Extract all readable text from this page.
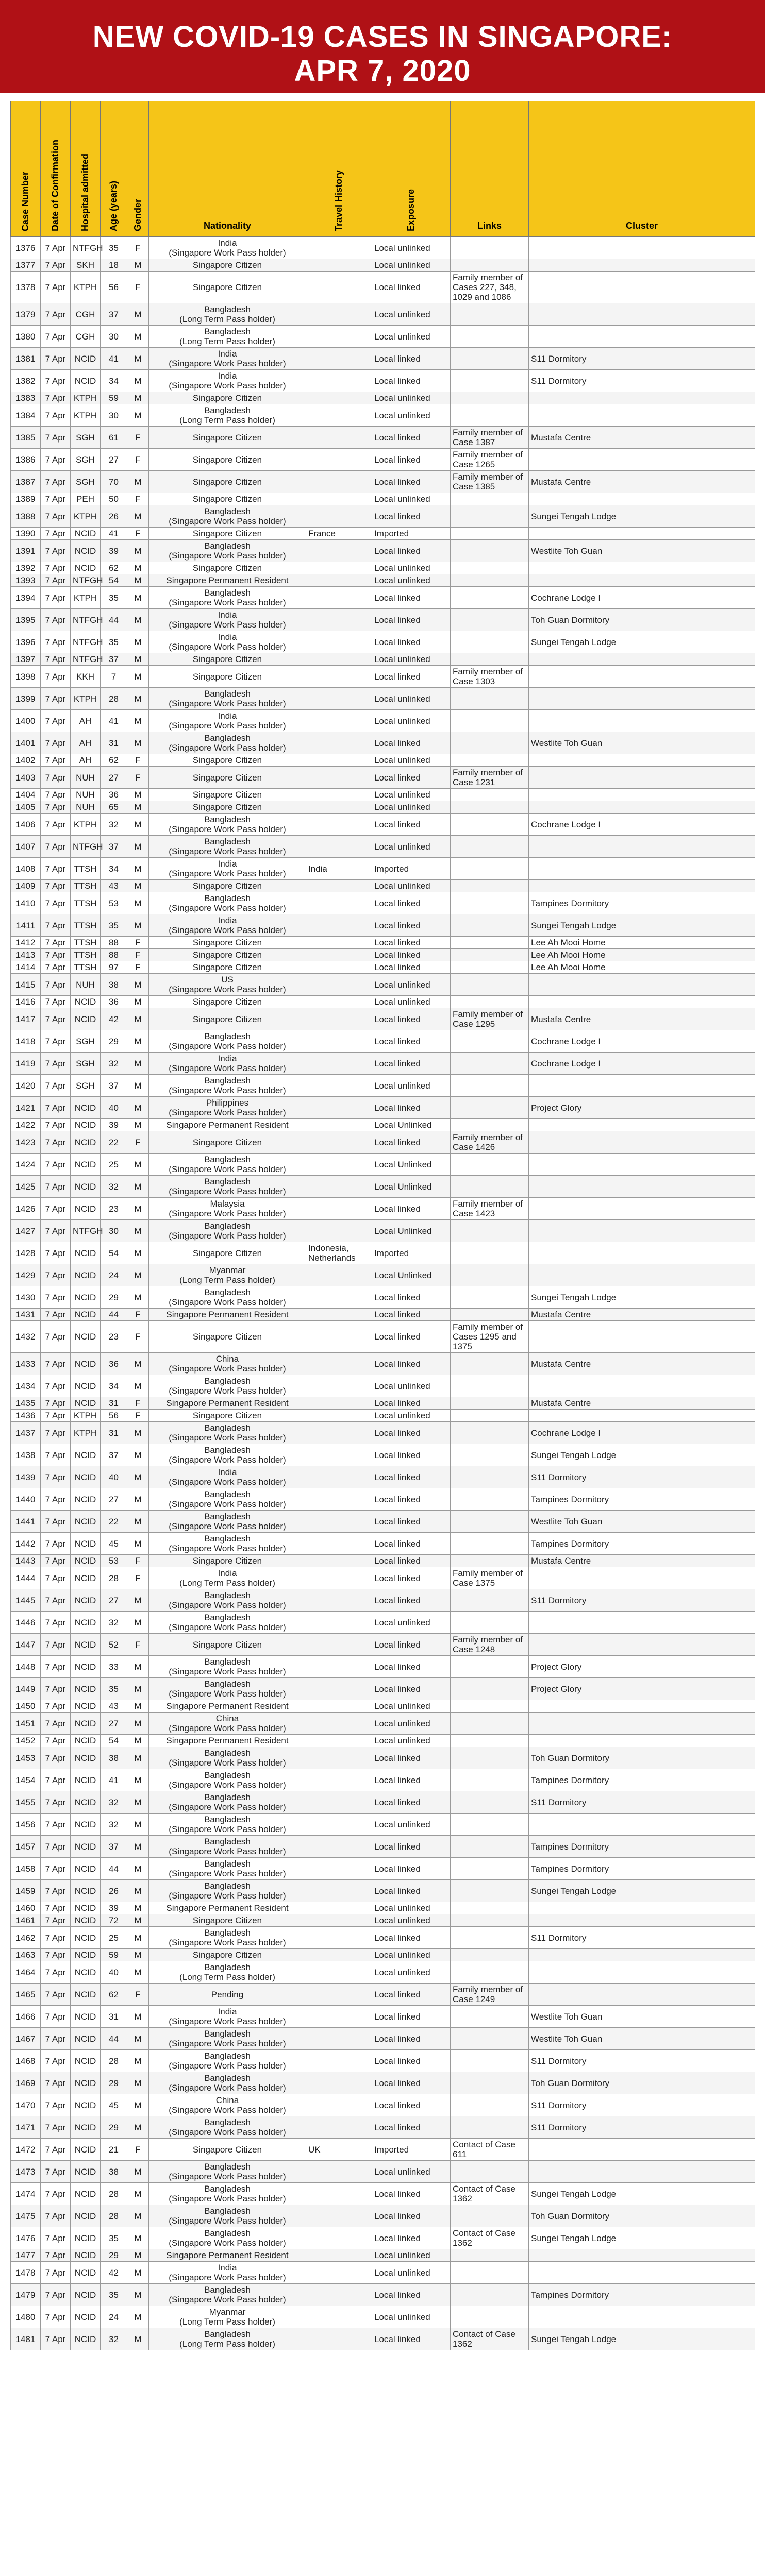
NEW COVID-19 CASES IN SINGAPORE:
APR 7, 2020
Case Number	Date of Confirmation	Hospital admitted	Age (years)	Gender	Nationality	Travel History	Exposure	Links	Cluster
1376	7 Apr	NTFGH	35	F	India
(Singapore Work Pass holder)		Local unlinked		
1377	7 Apr	SKH	18	M	Singapore Citizen		Local unlinked		
1378	7 Apr	KTPH	56	F	Singapore Citizen		Local linked	Family member of Cases 227, 348, 1029 and 1086	
1379	7 Apr	CGH	37	M	Bangladesh
(Long Term Pass holder)		Local unlinked		
1380	7 Apr	CGH	30	M	Bangladesh
(Long Term Pass holder)		Local unlinked		
1381	7 Apr	NCID	41	M	India
(Singapore Work Pass holder)		Local linked		S11 Dormitory
1382	7 Apr	NCID	34	M	India
(Singapore Work Pass holder)		Local linked		S11 Dormitory
1383	7 Apr	KTPH	59	M	Singapore Citizen		Local unlinked		
1384	7 Apr	KTPH	30	M	Bangladesh
(Long Term Pass holder)		Local unlinked		
1385	7 Apr	SGH	61	F	Singapore Citizen		Local linked	Family member of Case 1387	Mustafa Centre
1386	7 Apr	SGH	27	F	Singapore Citizen		Local linked	Family member of Case 1265	
1387	7 Apr	SGH	70	M	Singapore Citizen		Local linked	Family member of Case 1385	Mustafa Centre
1389	7 Apr	PEH	50	F	Singapore Citizen		Local unlinked		
1388	7 Apr	KTPH	26	M	Bangladesh
(Singapore Work Pass holder)		Local linked		Sungei Tengah Lodge
1390	7 Apr	NCID	41	F	Singapore Citizen	France	Imported		
1391	7 Apr	NCID	39	M	Bangladesh
(Singapore Work Pass holder)		Local linked		Westlite Toh Guan
1392	7 Apr	NCID	62	M	Singapore Citizen		Local unlinked		
1393	7 Apr	NTFGH	54	M	Singapore Permanent Resident		Local unlinked		
1394	7 Apr	KTPH	35	M	Bangladesh
(Singapore Work Pass holder)		Local linked		Cochrane Lodge I
1395	7 Apr	NTFGH	44	M	India
(Singapore Work Pass holder)		Local linked		Toh Guan Dormitory
1396	7 Apr	NTFGH	35	M	India
(Singapore Work Pass holder)		Local linked		Sungei Tengah Lodge
1397	7 Apr	NTFGH	37	M	Singapore Citizen		Local unlinked		
1398	7 Apr	KKH	7	M	Singapore Citizen		Local linked	Family member of Case 1303	
1399	7 Apr	KTPH	28	M	Bangladesh
(Singapore Work Pass holder)		Local unlinked		
1400	7 Apr	AH	41	M	India
(Singapore Work Pass holder)		Local unlinked		
1401	7 Apr	AH	31	M	Bangladesh
(Singapore Work Pass holder)		Local linked		Westlite Toh Guan
1402	7 Apr	AH	62	F	Singapore Citizen		Local unlinked		
1403	7 Apr	NUH	27	F	Singapore Citizen		Local linked	Family member of Case 1231	
1404	7 Apr	NUH	36	M	Singapore Citizen		Local unlinked		
1405	7 Apr	NUH	65	M	Singapore Citizen		Local unlinked		
1406	7 Apr	KTPH	32	M	Bangladesh
(Singapore Work Pass holder)		Local linked		Cochrane Lodge I
1407	7 Apr	NTFGH	37	M	Bangladesh
(Singapore Work Pass holder)		Local unlinked		
1408	7 Apr	TTSH	34	M	India
(Singapore Work Pass holder)	India	Imported		
1409	7 Apr	TTSH	43	M	Singapore Citizen		Local unlinked		
1410	7 Apr	TTSH	53	M	Bangladesh
(Singapore Work Pass holder)		Local linked		Tampines Dormitory
1411	7 Apr	TTSH	35	M	India
(Singapore Work Pass holder)		Local linked		Sungei Tengah Lodge
1412	7 Apr	TTSH	88	F	Singapore Citizen		Local linked		Lee Ah Mooi Home
1413	7 Apr	TTSH	88	F	Singapore Citizen		Local linked		Lee Ah Mooi Home
1414	7 Apr	TTSH	97	F	Singapore Citizen		Local linked		Lee Ah Mooi Home
1415	7 Apr	NUH	38	M	US
(Singapore Work Pass holder)		Local unlinked		
1416	7 Apr	NCID	36	M	Singapore Citizen		Local unlinked		
1417	7 Apr	NCID	42	M	Singapore Citizen		Local linked	Family member of Case 1295	Mustafa Centre
1418	7 Apr	SGH	29	M	Bangladesh
(Singapore Work Pass holder)		Local linked		Cochrane Lodge I
1419	7 Apr	SGH	32	M	India
(Singapore Work Pass holder)		Local linked		Cochrane Lodge I
1420	7 Apr	SGH	37	M	Bangladesh
(Singapore Work Pass holder)		Local unlinked		
1421	7 Apr	NCID	40	M	Philippines
(Singapore Work Pass holder)		Local linked		Project Glory
1422	7 Apr	NCID	39	M	Singapore Permanent Resident		Local Unlinked		
1423	7 Apr	NCID	22	F	Singapore Citizen		Local linked	Family member of Case 1426	
1424	7 Apr	NCID	25	M	Bangladesh
(Singapore Work Pass holder)		Local Unlinked		
1425	7 Apr	NCID	32	M	Bangladesh
(Singapore Work Pass holder)		Local Unlinked		
1426	7 Apr	NCID	23	M	Malaysia
(Singapore Work Pass holder)		Local linked	Family member of Case 1423	
1427	7 Apr	NTFGH	30	M	Bangladesh
(Singapore Work Pass holder)		Local Unlinked		
1428	7 Apr	NCID	54	M	Singapore Citizen	Indonesia, Netherlands	Imported		
1429	7 Apr	NCID	24	M	Myanmar
(Long Term Pass holder)		Local Unlinked		
1430	7 Apr	NCID	29	M	Bangladesh
(Singapore Work Pass holder)		Local linked		Sungei Tengah Lodge
1431	7 Apr	NCID	44	F	Singapore Permanent Resident		Local linked		Mustafa Centre
1432	7 Apr	NCID	23	F	Singapore Citizen		Local linked	Family member of Cases 1295 and 1375	
1433	7 Apr	NCID	36	M	China
(Singapore Work Pass holder)		Local linked		Mustafa Centre
1434	7 Apr	NCID	34	M	Bangladesh
(Singapore Work Pass holder)		Local unlinked		
1435	7 Apr	NCID	31	F	Singapore Permanent Resident		Local linked		Mustafa Centre
1436	7 Apr	KTPH	56	F	Singapore Citizen		Local unlinked		
1437	7 Apr	KTPH	31	M	Bangladesh
(Singapore Work Pass holder)		Local linked		Cochrane Lodge I
1438	7 Apr	NCID	37	M	Bangladesh
(Singapore Work Pass holder)		Local linked		Sungei Tengah Lodge
1439	7 Apr	NCID	40	M	India
(Singapore Work Pass holder)		Local linked		S11 Dormitory
1440	7 Apr	NCID	27	M	Bangladesh
(Singapore Work Pass holder)		Local linked		Tampines Dormitory
1441	7 Apr	NCID	22	M	Bangladesh
(Singapore Work Pass holder)		Local linked		Westlite Toh Guan
1442	7 Apr	NCID	45	M	Bangladesh
(Singapore Work Pass holder)		Local linked		Tampines Dormitory
1443	7 Apr	NCID	53	F	Singapore Citizen		Local linked		Mustafa Centre
1444	7 Apr	NCID	28	F	India
(Long Term Pass holder)		Local linked	Family member of Case 1375	
1445	7 Apr	NCID	27	M	Bangladesh
(Singapore Work Pass holder)		Local linked		S11 Dormitory
1446	7 Apr	NCID	32	M	Bangladesh
(Singapore Work Pass holder)		Local unlinked		
1447	7 Apr	NCID	52	F	Singapore Citizen		Local linked	Family member of Case 1248	
1448	7 Apr	NCID	33	M	Bangladesh
(Singapore Work Pass holder)		Local linked		Project Glory
1449	7 Apr	NCID	35	M	Bangladesh
(Singapore Work Pass holder)		Local linked		Project Glory
1450	7 Apr	NCID	43	M	Singapore Permanent Resident		Local unlinked		
1451	7 Apr	NCID	27	M	China
(Singapore Work Pass holder)		Local unlinked		
1452	7 Apr	NCID	54	M	Singapore Permanent Resident		Local unlinked		
1453	7 Apr	NCID	38	M	Bangladesh
(Singapore Work Pass holder)		Local linked		Toh Guan Dormitory
1454	7 Apr	NCID	41	M	Bangladesh
(Singapore Work Pass holder)		Local linked		Tampines Dormitory
1455	7 Apr	NCID	32	M	Bangladesh
(Singapore Work Pass holder)		Local linked		S11 Dormitory
1456	7 Apr	NCID	32	M	Bangladesh
(Singapore Work Pass holder)		Local unlinked		
1457	7 Apr	NCID	37	M	Bangladesh
(Singapore Work Pass holder)		Local linked		Tampines Dormitory
1458	7 Apr	NCID	44	M	Bangladesh
(Singapore Work Pass holder)		Local linked		Tampines Dormitory
1459	7 Apr	NCID	26	M	Bangladesh
(Singapore Work Pass holder)		Local linked		Sungei Tengah Lodge
1460	7 Apr	NCID	39	M	Singapore Permanent Resident		Local unlinked		
1461	7 Apr	NCID	72	M	Singapore Citizen		Local unlinked		
1462	7 Apr	NCID	25	M	Bangladesh
(Singapore Work Pass holder)		Local linked		S11 Dormitory
1463	7 Apr	NCID	59	M	Singapore Citizen		Local unlinked		
1464	7 Apr	NCID	40	M	Bangladesh
(Long Term Pass holder)		Local unlinked		
1465	7 Apr	NCID	62	F	Pending		Local linked	Family member of Case 1249	
1466	7 Apr	NCID	31	M	India
(Singapore Work Pass holder)		Local linked		Westlite Toh Guan
1467	7 Apr	NCID	44	M	Bangladesh
(Singapore Work Pass holder)		Local linked		Westlite Toh Guan
1468	7 Apr	NCID	28	M	Bangladesh
(Singapore Work Pass holder)		Local linked		S11 Dormitory
1469	7 Apr	NCID	29	M	Bangladesh
(Singapore Work Pass holder)		Local linked		Toh Guan Dormitory
1470	7 Apr	NCID	45	M	China
(Singapore Work Pass holder)		Local linked		S11 Dormitory
1471	7 Apr	NCID	29	M	Bangladesh
(Singapore Work Pass holder)		Local linked		S11 Dormitory
1472	7 Apr	NCID	21	F	Singapore Citizen	UK	Imported	Contact of Case 611	
1473	7 Apr	NCID	38	M	Bangladesh
(Singapore Work Pass holder)		Local unlinked		
1474	7 Apr	NCID	28	M	Bangladesh
(Singapore Work Pass holder)		Local linked	Contact of Case 1362	Sungei Tengah Lodge
1475	7 Apr	NCID	28	M	Bangladesh
(Singapore Work Pass holder)		Local linked		Toh Guan Dormitory
1476	7 Apr	NCID	35	M	Bangladesh
(Singapore Work Pass holder)		Local linked	Contact of Case 1362	Sungei Tengah Lodge
1477	7 Apr	NCID	29	M	Singapore Permanent Resident		Local unlinked		
1478	7 Apr	NCID	42	M	India
(Singapore Work Pass holder)		Local unlinked		
1479	7 Apr	NCID	35	M	Bangladesh
(Singapore Work Pass holder)		Local linked		Tampines Dormitory
1480	7 Apr	NCID	24	M	Myanmar
(Long Term Pass holder)		Local unlinked		
1481	7 Apr	NCID	32	M	Bangladesh
(Long Term Pass holder)		Local linked	Contact of Case 1362	Sungei Tengah Lodge
